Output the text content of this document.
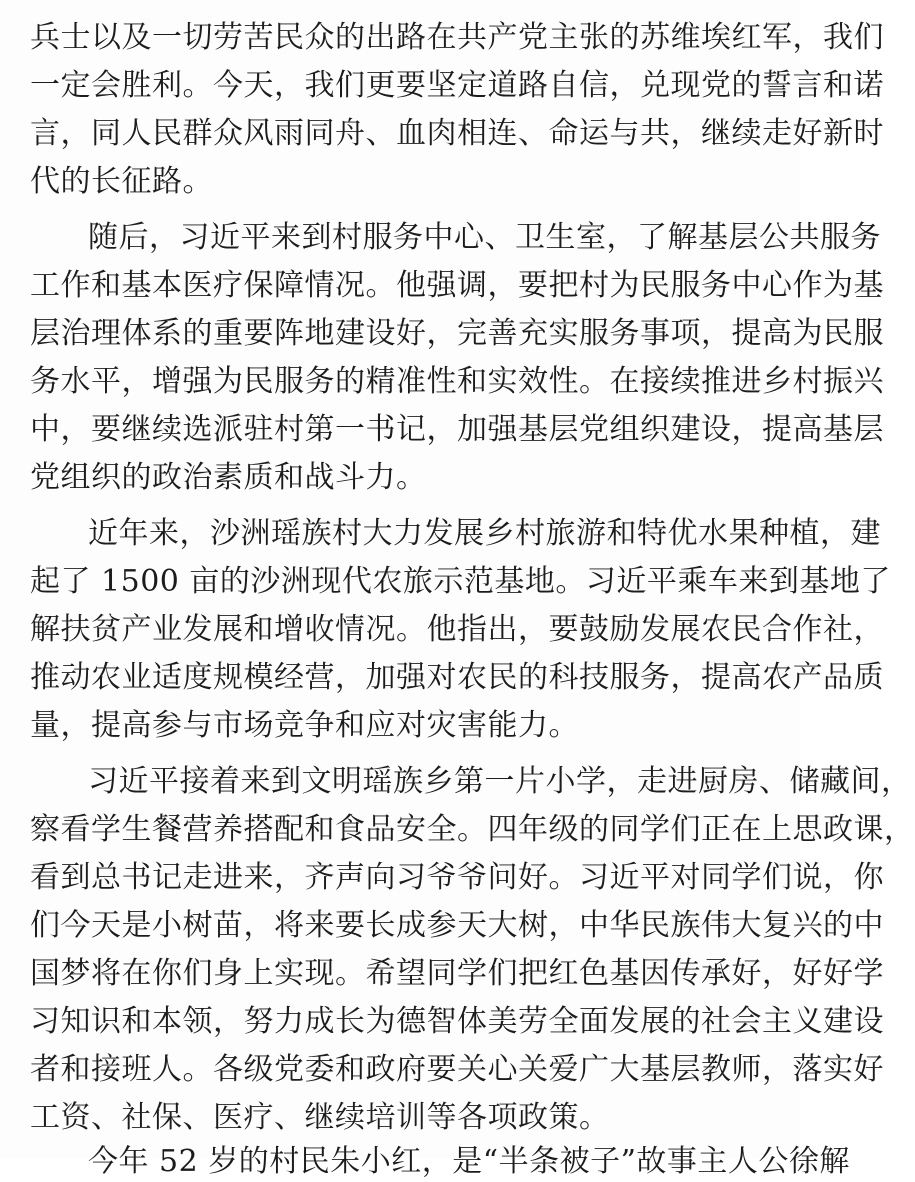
兵士以及一切劳苦民众的出路在共产党主张的苏维埃红军，我们
一定会胜利。今天，我们更要坚定道路自信，兑现党的誓言和诺
言，同人民群众风雨同舟、血肉相连、命运与共，继续走好新时
代的长征路。
随后，习近平来到村服务中心、卫生室，了解基层公共服务
工作和基本医疗保障情况。他强调，要把村为民服务中心作为基
层治理体系的重要阵地建设好，完善充实服务事项，提高为民服
务水平，增强为民服务的精准性和实效性。在接续推进乡村振兴
中，要继续选派驻村第一书记，加强基层党组织建设，提高基层
党组织的政治素质和战斗力。
近年来，沙洲瑶族村大力发展乡村旅游和特优水果种植，建
起了 1500 亩的沙洲现代农旅示范基地。习近平乘车来到基地了
解扶贫产业发展和增收情况。他指出，要鼓励发展农民合作社，
推动农业适度规模经营，加强对农民的科技服务，提高农产品质
量，提高参与市场竞争和应对灾害能力。
习近平接着来到文明瑶族乡第一片小学，走进厨房、储藏间，
察看学生餐营养搭配和食品安全。四年级的同学们正在上思政课，
看到总书记走进来，齐声向习爷爷问好。习近平对同学们说，你
们今天是小树苗，将来要长成参天大树，中华民族伟大复兴的中
国梦将在你们身上实现。希望同学们把红色基因传承好，好好学
习知识和本领，努力成长为德智体美劳全面发展的社会主义建设
者和接班人。各级党委和政府要关心关爱广大基层教师，落实好
工资、社保、医疗、继续培训等各项政策。
今年 52 岁的村民朱小红，是“半条被子”故事主人公徐解
